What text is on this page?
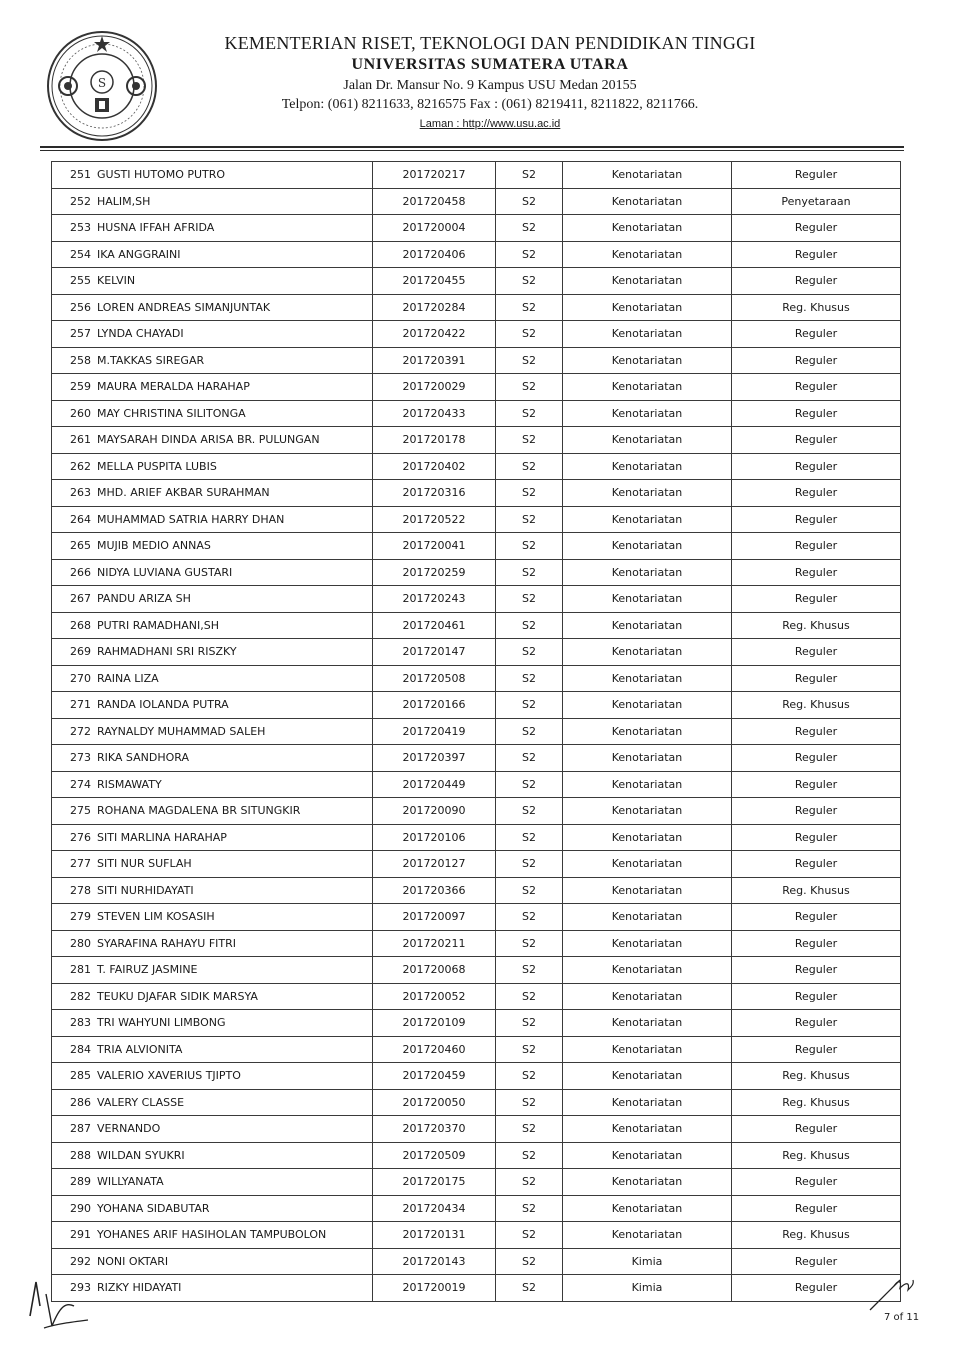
S
KEMENTERIAN RISET, TEKNOLOGI DAN PENDIDIKAN TINGGI
UNIVERSITAS SUMATERA UTARA
Jalan Dr. Mansur No. 9 Kampus USU Medan 20155
Telpon: (061) 8211633, 8216575 Fax : (061) 8219411, 8211822, 8211766.
Laman : http://www.usu.ac.id
251	GUSTI HUTOMO PUTRO	201720217	S2	Kenotariatan	Reguler
252	HALIM,SH	201720458	S2	Kenotariatan	Penyetaraan
253	HUSNA IFFAH AFRIDA	201720004	S2	Kenotariatan	Reguler
254	IKA ANGGRAINI	201720406	S2	Kenotariatan	Reguler
255	KELVIN	201720455	S2	Kenotariatan	Reguler
256	LOREN ANDREAS SIMANJUNTAK	201720284	S2	Kenotariatan	Reg. Khusus
257	LYNDA CHAYADI	201720422	S2	Kenotariatan	Reguler
258	M.TAKKAS SIREGAR	201720391	S2	Kenotariatan	Reguler
259	MAURA MERALDA HARAHAP	201720029	S2	Kenotariatan	Reguler
260	MAY CHRISTINA SILITONGA	201720433	S2	Kenotariatan	Reguler
261	MAYSARAH DINDA ARISA BR. PULUNGAN	201720178	S2	Kenotariatan	Reguler
262	MELLA PUSPITA LUBIS	201720402	S2	Kenotariatan	Reguler
263	MHD. ARIEF AKBAR SURAHMAN	201720316	S2	Kenotariatan	Reguler
264	MUHAMMAD SATRIA HARRY DHAN	201720522	S2	Kenotariatan	Reguler
265	MUJIB MEDIO ANNAS	201720041	S2	Kenotariatan	Reguler
266	NIDYA LUVIANA GUSTARI	201720259	S2	Kenotariatan	Reguler
267	PANDU ARIZA SH	201720243	S2	Kenotariatan	Reguler
268	PUTRI RAMADHANI,SH	201720461	S2	Kenotariatan	Reg. Khusus
269	RAHMADHANI SRI RISZKY	201720147	S2	Kenotariatan	Reguler
270	RAINA LIZA	201720508	S2	Kenotariatan	Reguler
271	RANDA IOLANDA PUTRA	201720166	S2	Kenotariatan	Reg. Khusus
272	RAYNALDY MUHAMMAD SALEH	201720419	S2	Kenotariatan	Reguler
273	RIKA SANDHORA	201720397	S2	Kenotariatan	Reguler
274	RISMAWATY	201720449	S2	Kenotariatan	Reguler
275	ROHANA MAGDALENA BR SITUNGKIR	201720090	S2	Kenotariatan	Reguler
276	SITI MARLINA HARAHAP	201720106	S2	Kenotariatan	Reguler
277	SITI NUR SUFLAH	201720127	S2	Kenotariatan	Reguler
278	SITI NURHIDAYATI	201720366	S2	Kenotariatan	Reg. Khusus
279	STEVEN LIM KOSASIH	201720097	S2	Kenotariatan	Reguler
280	SYARAFINA RAHAYU FITRI	201720211	S2	Kenotariatan	Reguler
281	T. FAIRUZ JASMINE	201720068	S2	Kenotariatan	Reguler
282	TEUKU DJAFAR SIDIK MARSYA	201720052	S2	Kenotariatan	Reguler
283	TRI WAHYUNI LIMBONG	201720109	S2	Kenotariatan	Reguler
284	TRIA ALVIONITA	201720460	S2	Kenotariatan	Reguler
285	VALERIO XAVERIUS TJIPTO	201720459	S2	Kenotariatan	Reg. Khusus
286	VALERY CLASSE	201720050	S2	Kenotariatan	Reg. Khusus
287	VERNANDO	201720370	S2	Kenotariatan	Reguler
288	WILDAN SYUKRI	201720509	S2	Kenotariatan	Reg. Khusus
289	WILLYANATA	201720175	S2	Kenotariatan	Reguler
290	YOHANA SIDABUTAR	201720434	S2	Kenotariatan	Reguler
291	YOHANES ARIF HASIHOLAN TAMPUBOLON	201720131	S2	Kenotariatan	Reg. Khusus
292	NONI OKTARI	201720143	S2	Kimia	Reguler
293	RIZKY HIDAYATI	201720019	S2	Kimia	Reguler
7 of 11
